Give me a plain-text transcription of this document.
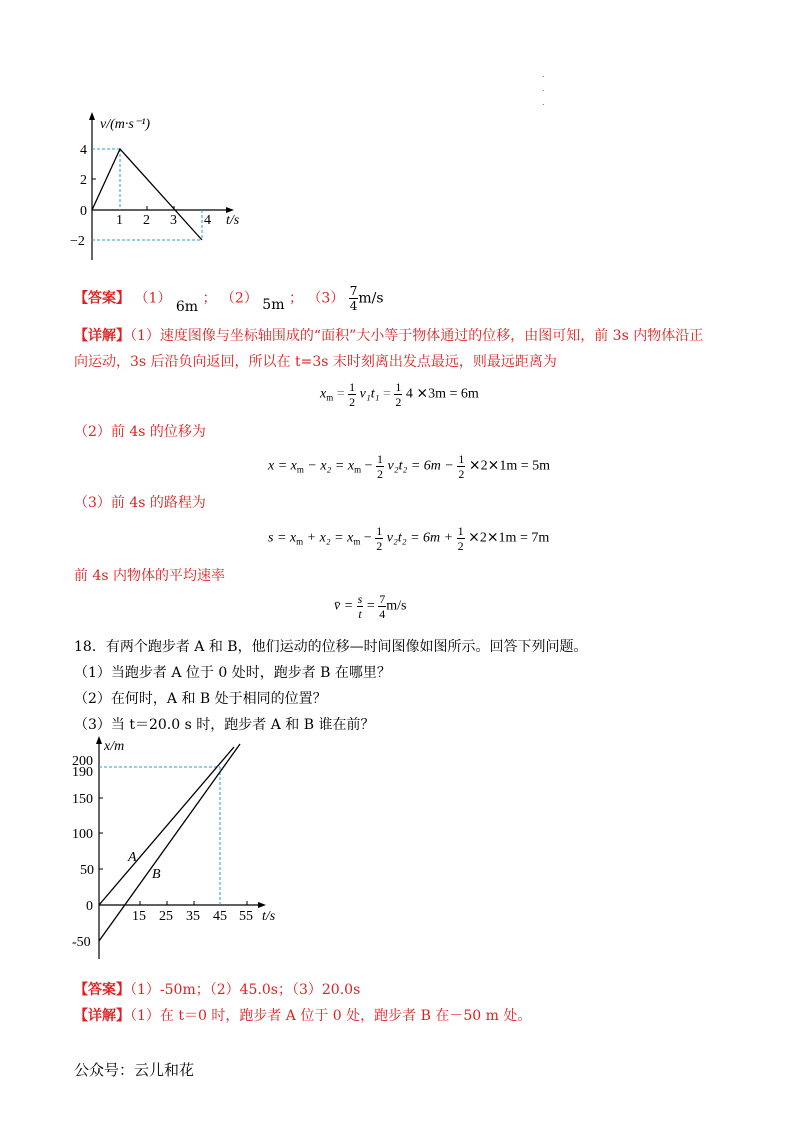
.
.
.
v/(m·s⁻¹)
4
2
0
−2
1 2 3 4 t/s
【答案】 （1） 6m ； （2） 5m ； $(3) \frac{7}{4} m/s$
【详解】（1）速度图像与坐标轴围成的“面积”大小等于物体通过的位移，由图可知，前 3s 内物体沿正
向运动，3s 后沿负向返回，所以在 t=3s 末时刻离出发点最远，则最远距离为
$x_m = \frac{1}{2} v_1t_1 = \frac{1}{2} 4$ ⨯3m = 6m
（2）前 4s 的位移为
$x = x_m - x_2 = x_m - \frac{1}{2} v_2t_2 = 6m - \frac{1}{2}$ ⨯2⨯1m = 5m
（3）前 4s 的路程为
$s = x_m + x_2 = x_m - \frac{1}{2} v_2t_2 = 6m + \frac{1}{2}$ ⨯2⨯1m = 7m
前 4s 内物体的平均速率
v̄ = $\frac{s}{t} = \frac{7}{4} m/s$
18．有两个跑步者 A 和 B，他们运动的位移—时间图像如图所示。回答下列问题。
（1）当跑步者 A 位于 0 处时，跑步者 B 在哪里？
（2）在何时，A 和 B 处于相同的位置？
（3）当 t＝20.0 s 时，跑步者 A 和 B 谁在前？
x/m
200
190
150
100
50
0
-50
15 25 35 45 55 t/s
A
B
【答案】（1）-50m；（2）45.0s；（3）20.0s
【详解】（1）在 t＝0 时，跑步者 A 位于 0 处，跑步者 B 在－50 m 处。
公众号：云儿和花
